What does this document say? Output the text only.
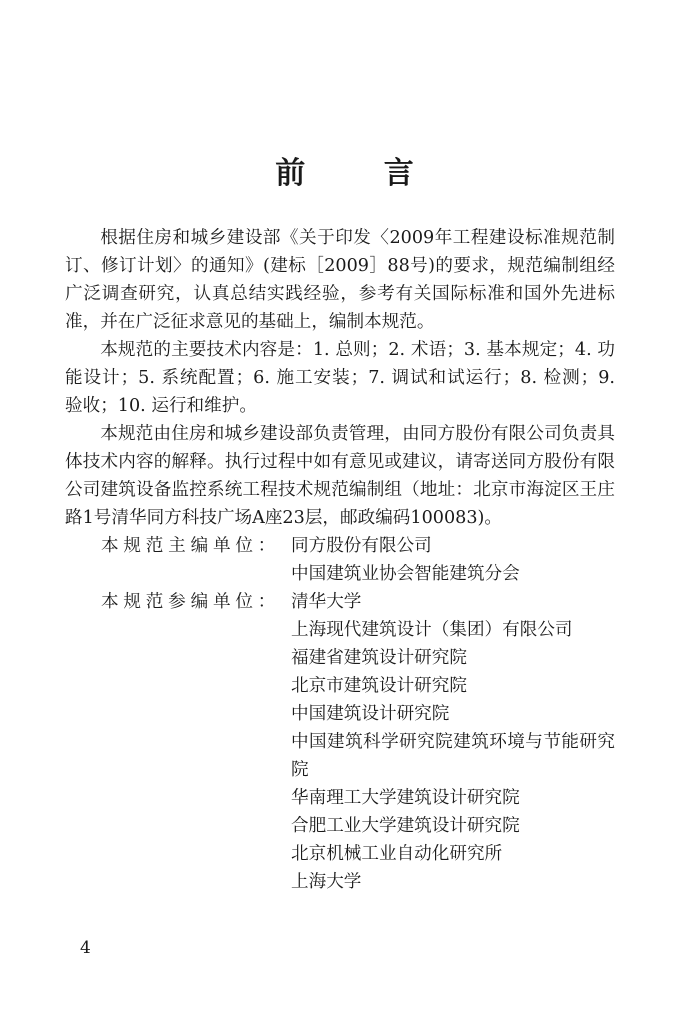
前 言

根据住房和城乡建设部《关于印发〈2009年工程建设标准规范制订、修订计划〉的通知》(建标［2009］88号)的要求，规范编制组经广泛调查研究，认真总结实践经验，参考有关国际标准和国外先进标准，并在广泛征求意见的基础上，编制本规范。

本规范的主要技术内容是：1. 总则；2. 术语；3. 基本规定；4. 功能设计；5. 系统配置；6. 施工安装；7. 调试和试运行；8. 检测；9. 验收；10. 运行和维护。

本规范由住房和城乡建设部负责管理，由同方股份有限公司负责具体技术内容的解释。执行过程中如有意见或建议，请寄送同方股份有限公司建筑设备监控系统工程技术规范编制组（地址：北京市海淀区王庄路1号清华同方科技广场A座23层，邮政编码100083)。

本规范主编单位： 同方股份有限公司
中国建筑业协会智能建筑分会
本规范参编单位： 清华大学
上海现代建筑设计（集团）有限公司
福建省建筑设计研究院
北京市建筑设计研究院
中国建筑设计研究院
中国建筑科学研究院建筑环境与节能研究院
华南理工大学建筑设计研究院
合肥工业大学建筑设计研究院
北京机械工业自动化研究所
上海大学
4
